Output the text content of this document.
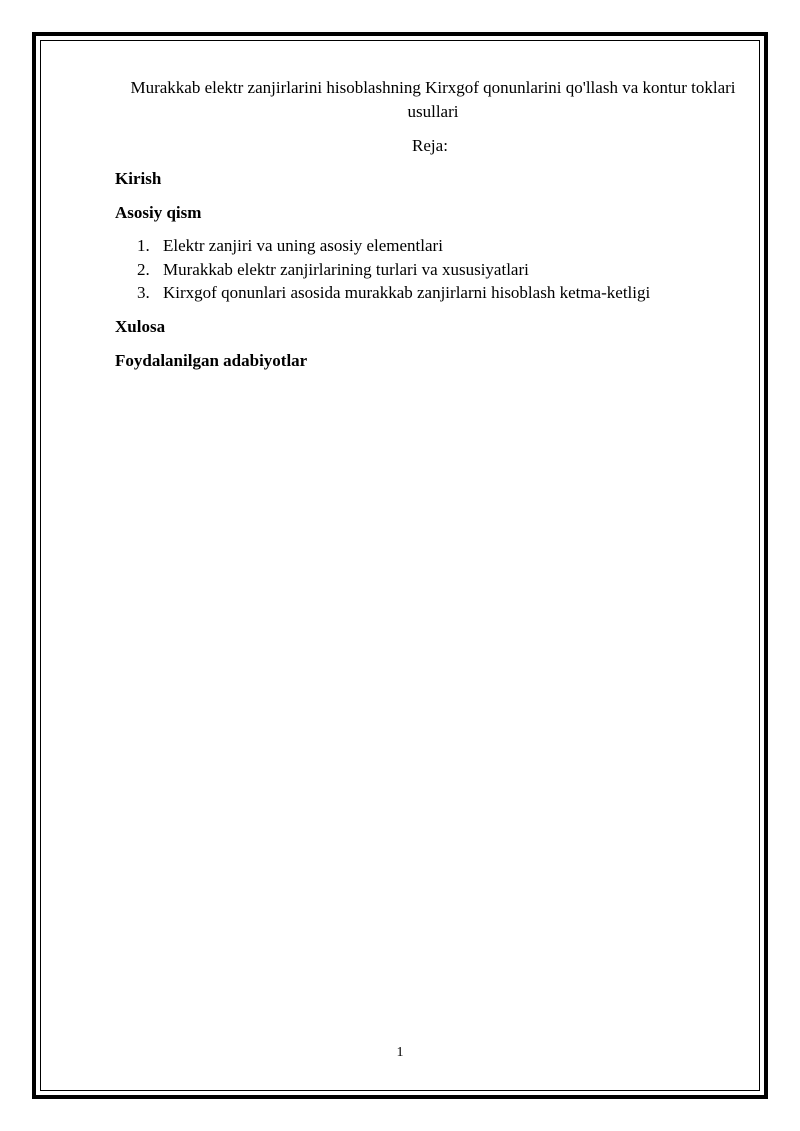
Murakkab elektr zanjirlarini hisoblashning Kirxgof qonunlarini qo'llash va kontur toklari usullari

Reja:

Kirish

Asosiy qism

1. Elektr zanjiri va uning asosiy elementlari
2. Murakkab elektr zanjirlarining turlari va xususiyatlari
3. Kirxgof qonunlari asosida murakkab zanjirlarni hisoblash ketma-ketligi

Xulosa

Foydalanilgan adabiyotlar

1
